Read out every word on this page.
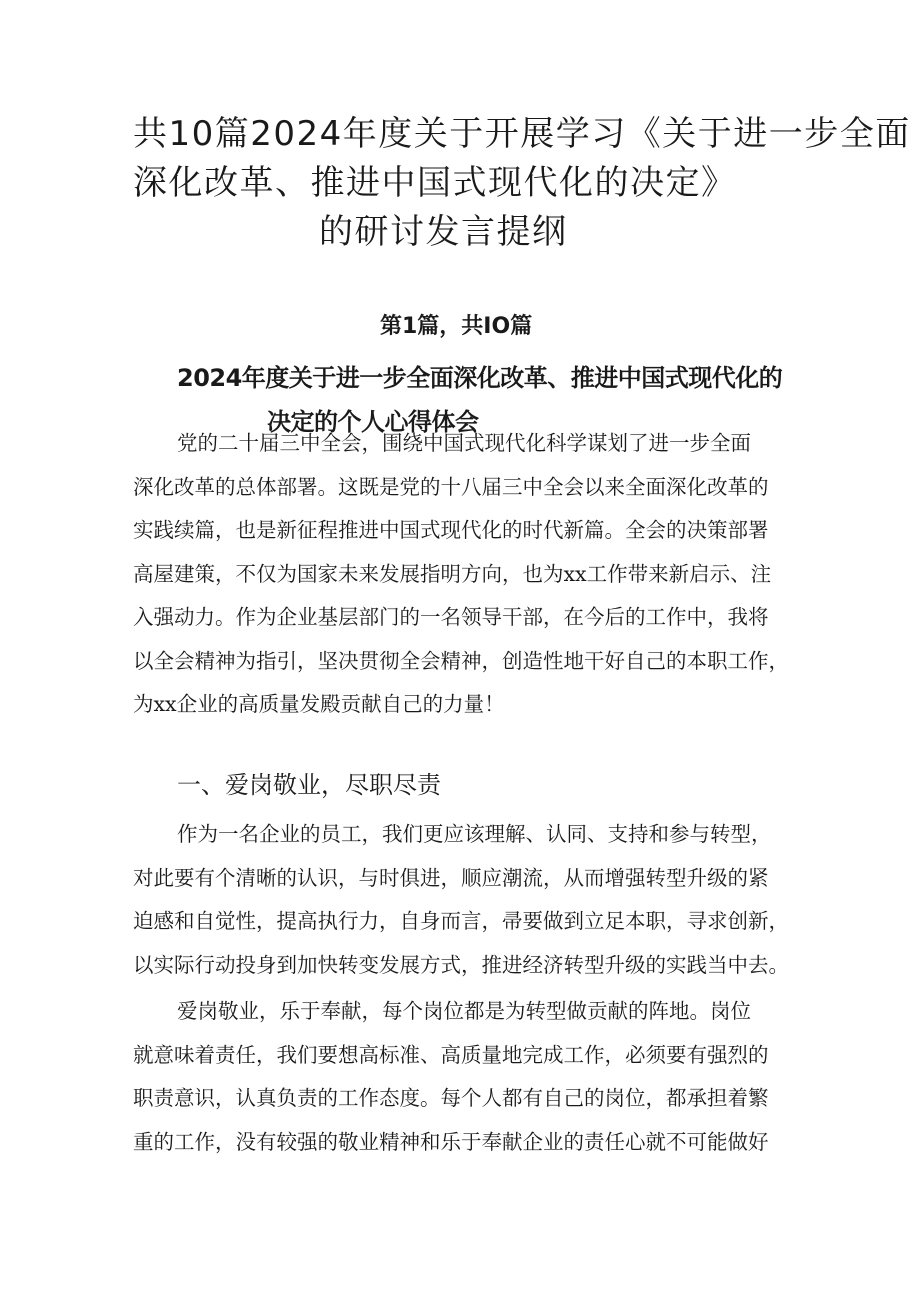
共10篇2024年度关于开展学习《关于进一步全面
深化改革、推进中国式现代化的决定》
的研讨发言提纲
第1篇，共IO篇
2024年度关于进一步全面深化改革、推进中国式现代化的
决定的个人心得体会
党的二十届三中全会，围绕中国式现代化科学谋划了进一步全面
深化改革的总体部署。这既是党的十八届三中全会以来全面深化改革的
实践续篇，也是新征程推进中国式现代化的时代新篇。全会的决策部署
高屋建策，不仅为国家未来发展指明方向，也为xx工作带来新启示、注
入强动力。作为企业基层部门的一名领导干部，在今后的工作中，我将
以全会精神为指引，坚决贯彻全会精神，创造性地干好自己的本职工作，
为xx企业的高质量发殿贡献自己的力量！
一、爱岗敬业，尽职尽责
作为一名企业的员工，我们更应该理解、认同、支持和参与转型，
对此要有个清晰的认识，与时俱进，顺应潮流，从而增强转型升级的紧
迫感和自觉性，提高执行力，自身而言，帚要做到立足本职，寻求创新，
以实际行动投身到加快转变发展方式，推进经济转型升级的实践当中去。
爱岗敬业，乐于奉献，每个岗位都是为转型做贡献的阵地。岗位
就意味着责任，我们要想高标准、高质量地完成工作，必须要有强烈的
职责意识，认真负责的工作态度。每个人都有自己的岗位，都承担着繁
重的工作，没有较强的敬业精神和乐于奉献企业的责任心就不可能做好
